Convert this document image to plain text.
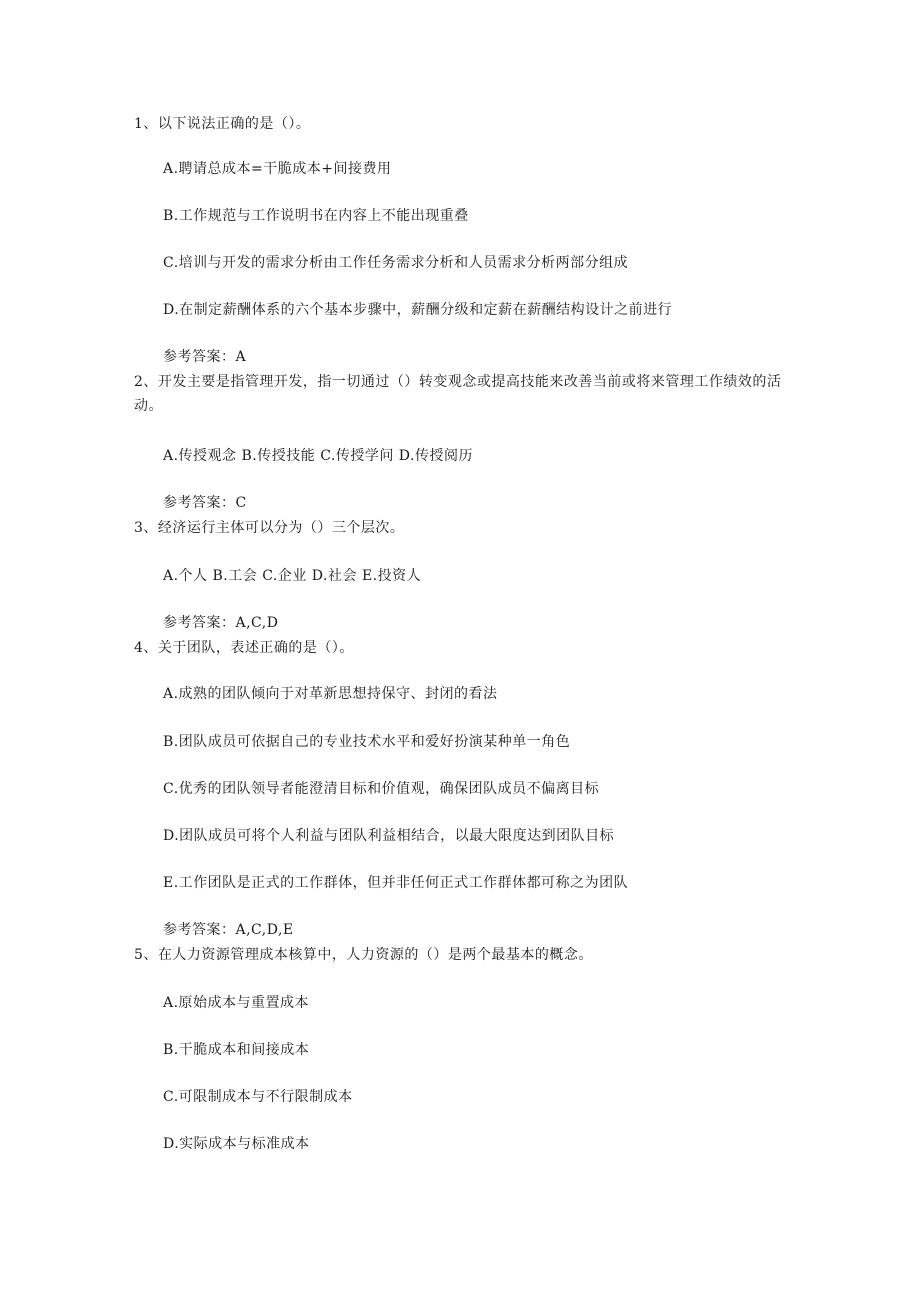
1、以下说法正确的是（）。
A.聘请总成本=干脆成本+间接费用
B.工作规范与工作说明书在内容上不能出现重叠
C.培训与开发的需求分析由工作任务需求分析和人员需求分析两部分组成
D.在制定薪酬体系的六个基本步骤中，薪酬分级和定薪在薪酬结构设计之前进行
参考答案：A
2、开发主要是指管理开发，指一切通过（）转变观念或提高技能来改善当前或将来管理工作绩效的活动。
A.传授观念 B.传授技能 C.传授学问 D.传授阅历
参考答案：C
3、经济运行主体可以分为（）三个层次。
A.个人 B.工会 C.企业 D.社会 E.投资人
参考答案：A,C,D
4、关于团队，表述正确的是（）。
A.成熟的团队倾向于对革新思想持保守、封闭的看法
B.团队成员可依据自己的专业技术水平和爱好扮演某种单一角色
C.优秀的团队领导者能澄清目标和价值观，确保团队成员不偏离目标
D.团队成员可将个人利益与团队利益相结合，以最大限度达到团队目标
E.工作团队是正式的工作群体，但并非任何正式工作群体都可称之为团队
参考答案：A,C,D,E
5、在人力资源管理成本核算中，人力资源的（）是两个最基本的概念。
A.原始成本与重置成本
B.干脆成本和间接成本
C.可限制成本与不行限制成本
D.实际成本与标准成本
